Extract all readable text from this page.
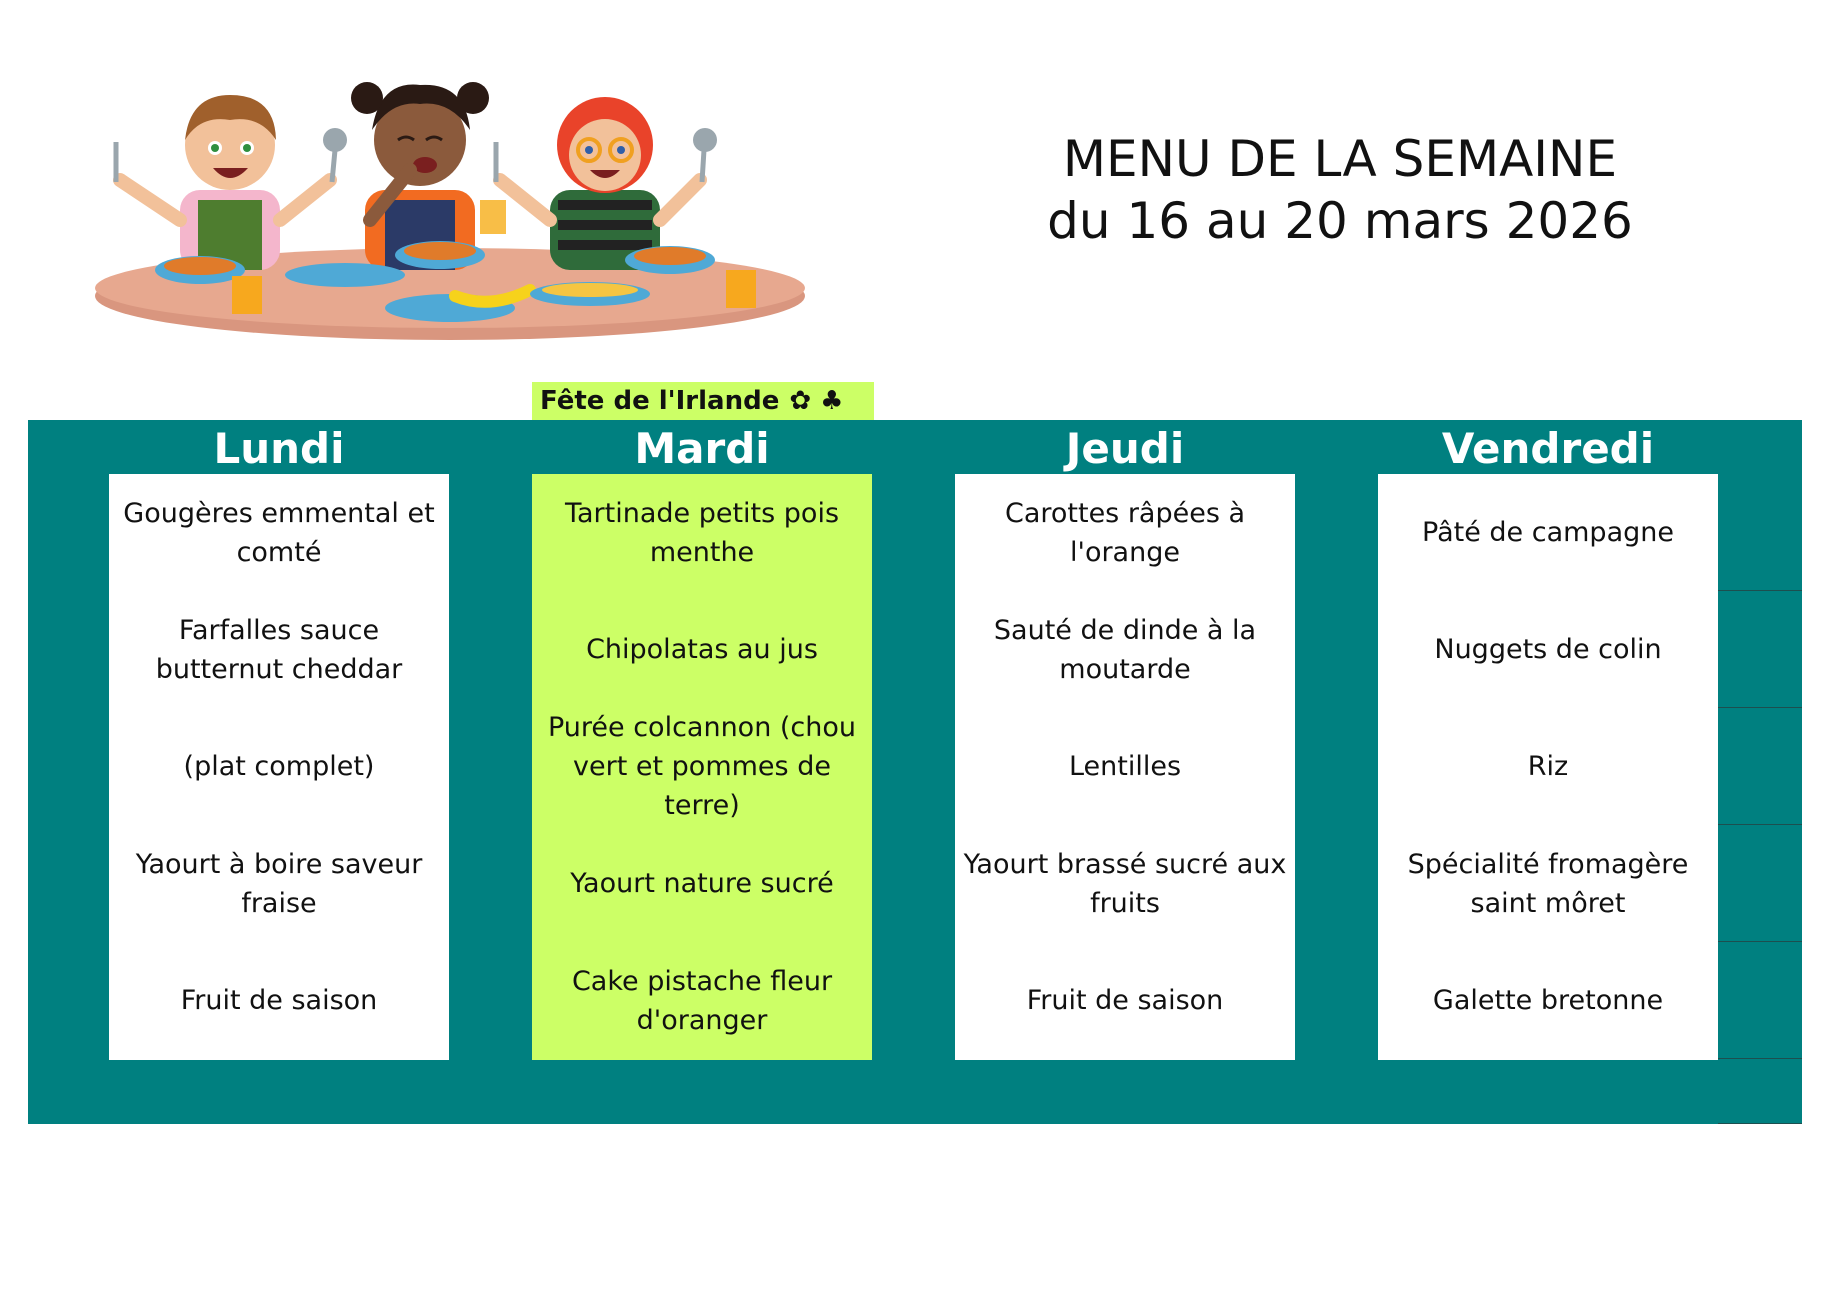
MENU DE LA SEMAINE
du 16 au 20 mars 2026
Fête de l'Irlande ✿ ♣
Lundi
Gougères emmental et comté
Farfalles sauce butternut cheddar
(plat complet)
Yaourt à boire saveur fraise
Fruit de saison
Mardi
Tartinade petits pois menthe
Chipolatas au jus
Purée colcannon (chou vert et pommes de terre)
Yaourt nature sucré
Cake pistache fleur d'oranger
Jeudi
Carottes râpées à l'orange
Sauté de dinde à la moutarde
Lentilles
Yaourt brassé sucré aux fruits
Fruit de saison
Vendredi
Pâté de campagne
Nuggets de colin
Riz
Spécialité fromagère saint môret
Galette bretonne
